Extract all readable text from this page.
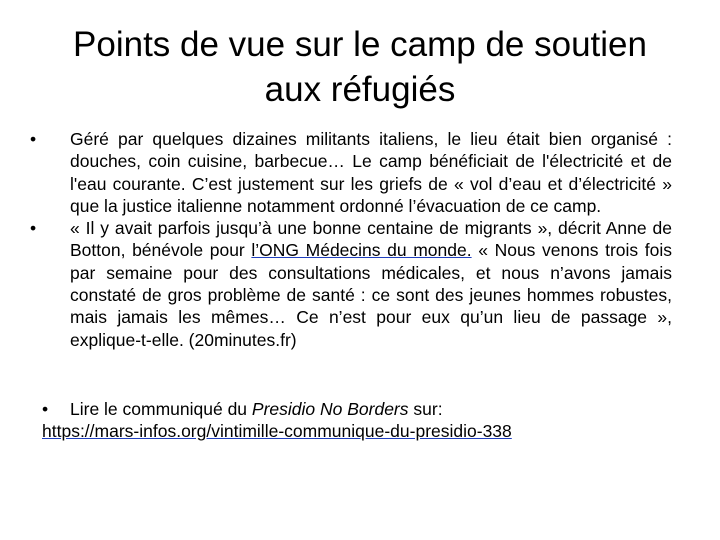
Points de vue sur le camp de soutien
aux réfugiés
•	Géré par quelques dizaines militants italiens, le lieu était bien organisé : douches, coin cuisine, barbecue… Le camp bénéficiait de l'électricité et de l'eau courante. C’est justement sur les griefs de « vol d’eau et d’électricité » que la justice italienne notamment ordonné l’évacuation de ce camp.
•	« Il y avait parfois jusqu’à une bonne centaine de migrants », décrit Anne de Botton, bénévole pour l’ONG Médecins du monde. « Nous venons trois fois par semaine pour des consultations médicales, et nous n’avons jamais constaté de gros problème de santé : ce sont des jeunes hommes robustes, mais jamais les mêmes… Ce n’est pour eux qu’un lieu de passage », explique-t-elle. (20minutes.fr)
• Lire le communiqué du Presidio No Borders sur:
https://mars-infos.org/vintimille-communique-du-presidio-338
